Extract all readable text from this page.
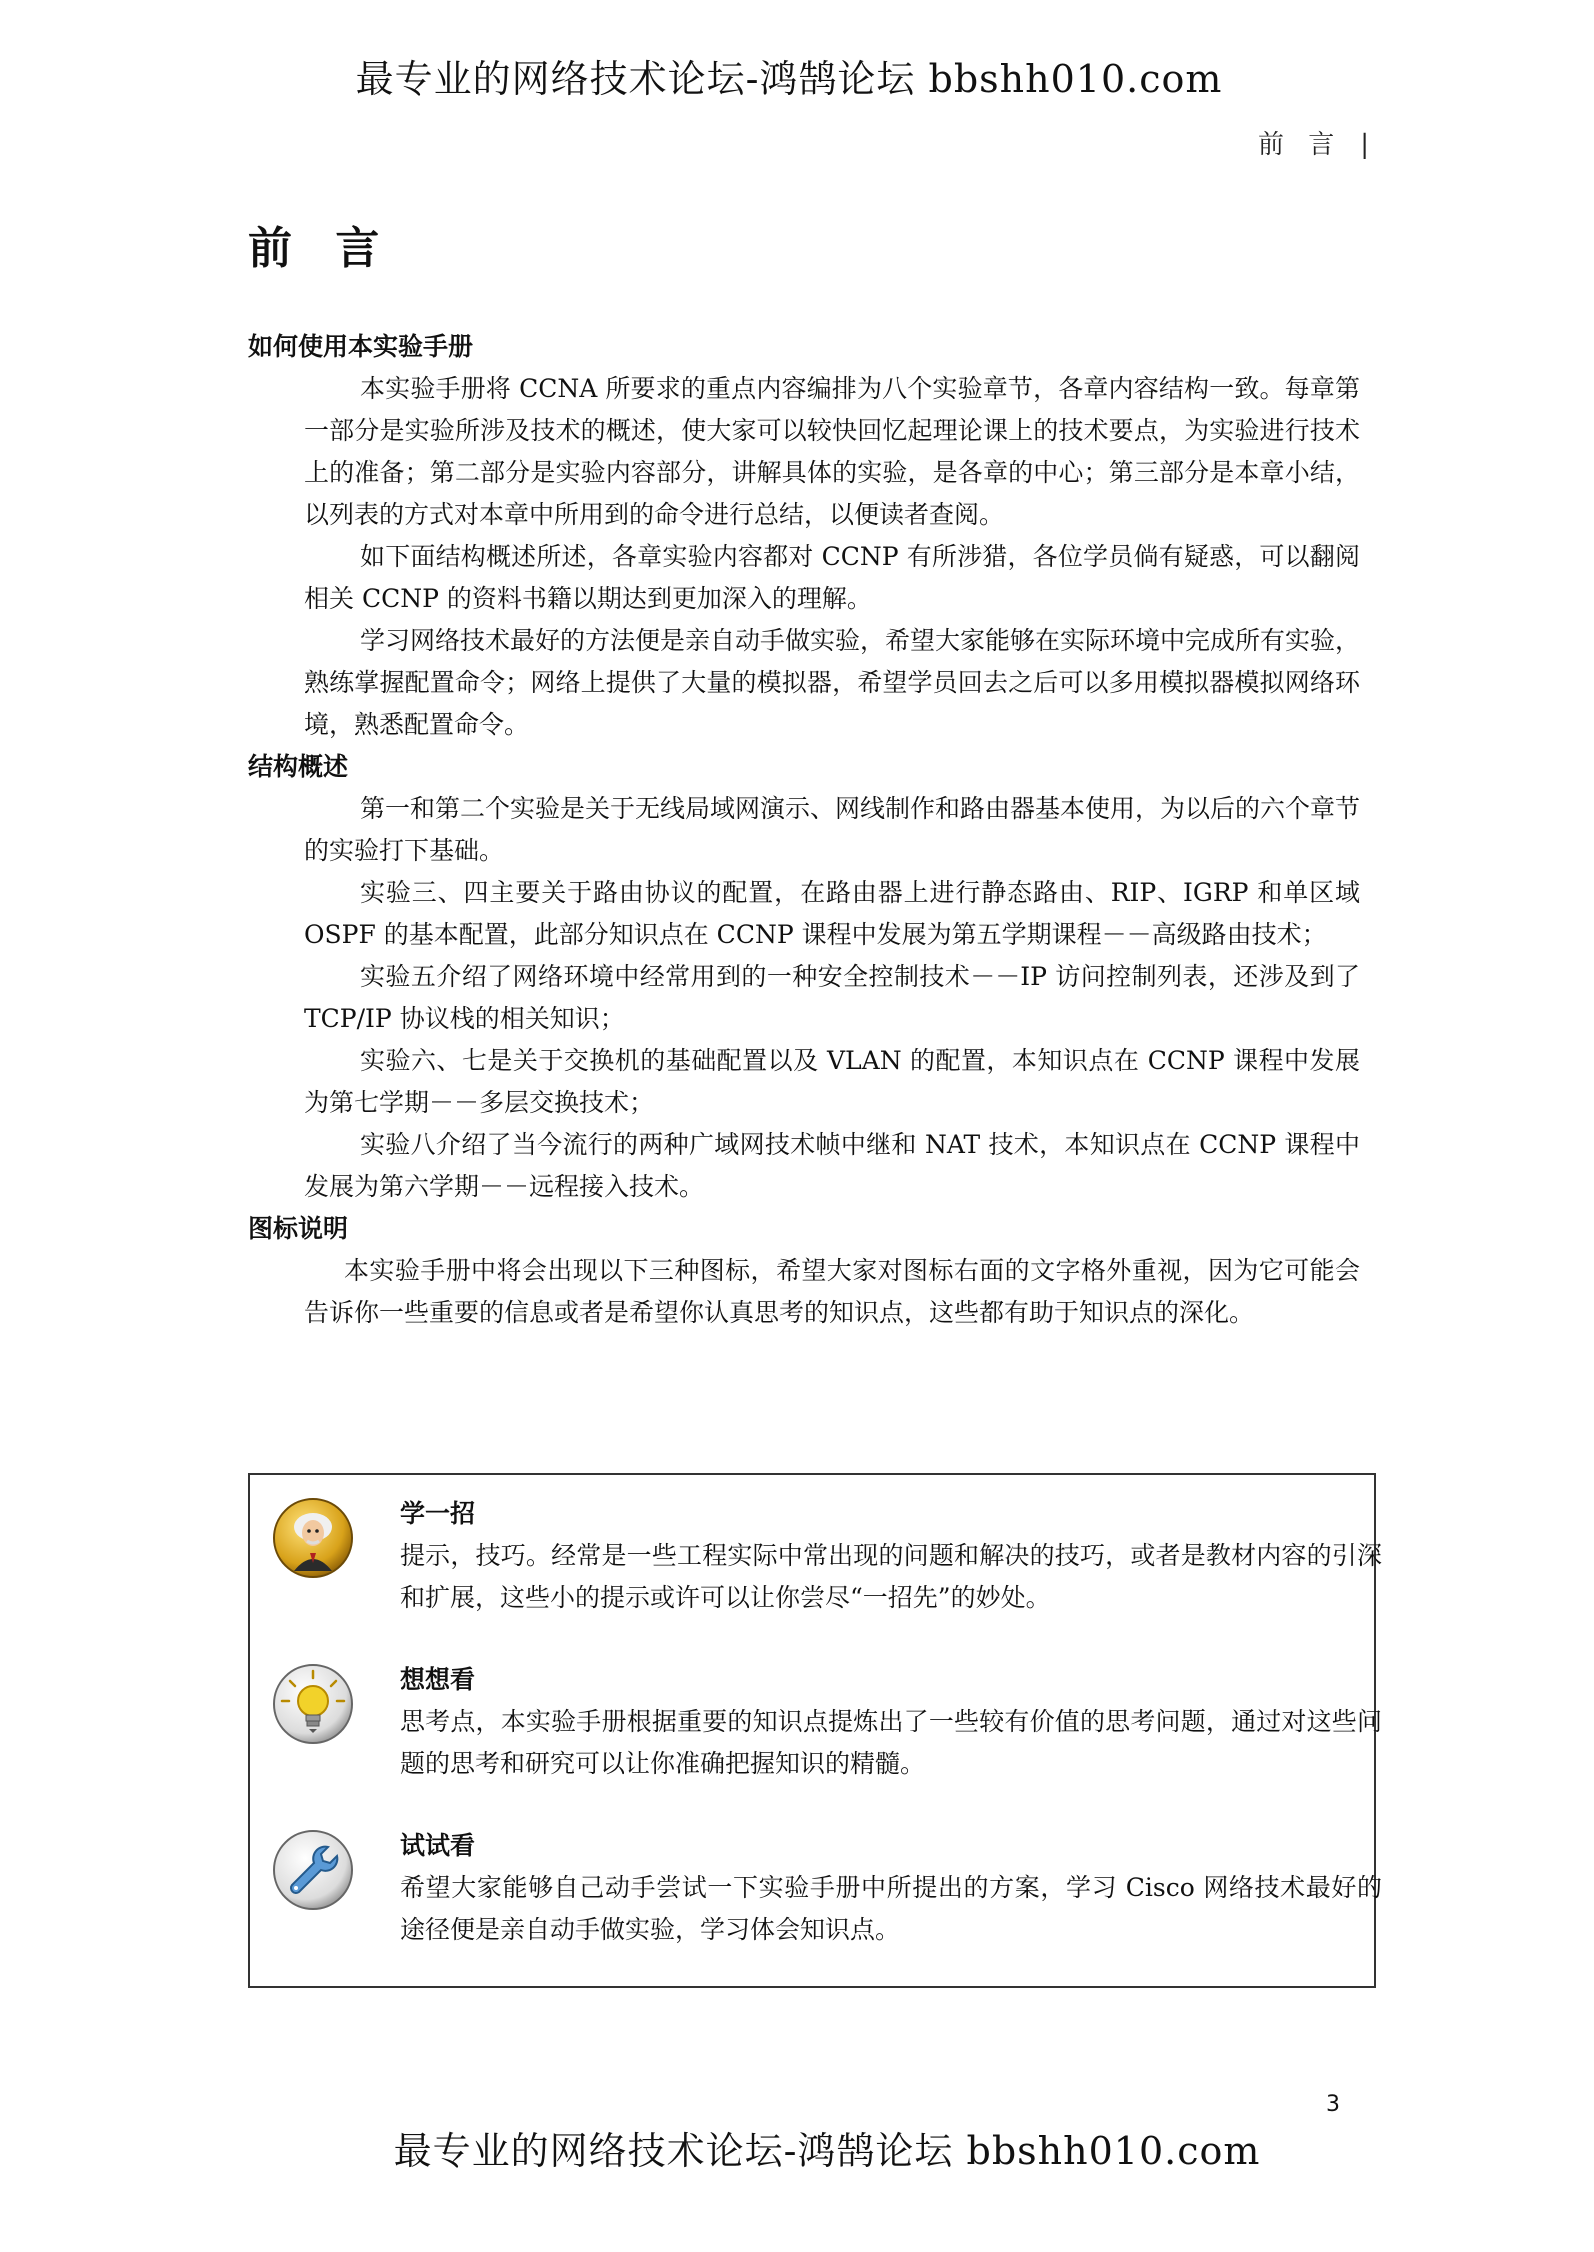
最专业的网络技术论坛-鸿鹄论坛 bbshh010.com
前 言 |
前 言
如何使用本实验手册

本实验手册将 CCNA 所要求的重点内容编排为八个实验章节，各章内容结构一致。每章第一部分是实验所涉及技术的概述，使大家可以较快回忆起理论课上的技术要点，为实验进行技术上的准备；第二部分是实验内容部分，讲解具体的实验，是各章的中心；第三部分是本章小结，以列表的方式对本章中所用到的命令进行总结，以便读者查阅。

如下面结构概述所述，各章实验内容都对 CCNP 有所涉猎，各位学员倘有疑惑，可以翻阅相关 CCNP 的资料书籍以期达到更加深入的理解。

学习网络技术最好的方法便是亲自动手做实验，希望大家能够在实际环境中完成所有实验，熟练掌握配置命令；网络上提供了大量的模拟器，希望学员回去之后可以多用模拟器模拟网络环境，熟悉配置命令。

结构概述

第一和第二个实验是关于无线局域网演示、网线制作和路由器基本使用，为以后的六个章节的实验打下基础。

实验三、四主要关于路由协议的配置，在路由器上进行静态路由、RIP、IGRP 和单区域 OSPF 的基本配置，此部分知识点在 CCNP 课程中发展为第五学期课程－－高级路由技术；

实验五介绍了网络环境中经常用到的一种安全控制技术－－IP 访问控制列表，还涉及到了 TCP/IP 协议栈的相关知识；

实验六、七是关于交换机的基础配置以及 VLAN 的配置，本知识点在 CCNP 课程中发展为第七学期－－多层交换技术；

实验八介绍了当今流行的两种广域网技术帧中继和 NAT 技术，本知识点在 CCNP 课程中发展为第六学期－－远程接入技术。

图标说明

本实验手册中将会出现以下三种图标，希望大家对图标右面的文字格外重视，因为它可能会告诉你一些重要的信息或者是希望你认真思考的知识点，这些都有助于知识点的深化。

学一招
提示，技巧。经常是一些工程实际中常出现的问题和解决的技巧，或者是教材内容的引深和扩展，这些小的提示或许可以让你尝尽“一招先”的妙处。
想想看
思考点，本实验手册根据重要的知识点提炼出了一些较有价值的思考问题，通过对这些问题的思考和研究可以让你准确把握知识的精髓。
试试看
希望大家能够自己动手尝试一下实验手册中所提出的方案，学习 Cisco 网络技术最好的途径便是亲自动手做实验，学习体会知识点。
3
最专业的网络技术论坛-鸿鹄论坛 bbshh010.com
